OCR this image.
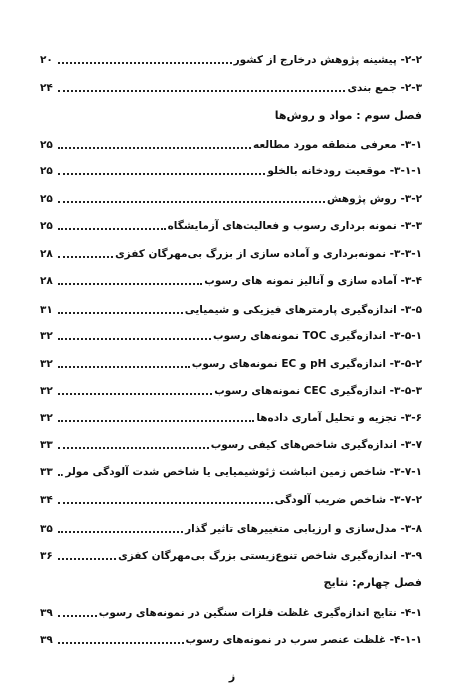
۲-۲- پیشینه پژوهش درخارج از کشور
۲۰
۲-۳- جمع بندی
۲۴
فصل سوم : مواد و روش‌ها
۳-۱- معرفی منطقه مورد مطالعه
۲۵
۳-۱-۱- موقعیت رودخانه بالخلو
۲۵
۳-۲- روش پژوهش
۲۵
۳-۳- نمونه برداری رسوب و فعالیت‌های آزمایشگاه
۲۵
۳-۳-۱- نمونه‌برداری و آماده سازی از بزرگ بی‌مهرگان کفزی
۲۸
۳-۴- آماده سازی و آنالیز نمونه های رسوب
۲۸
۳-۵- اندازه‌گیری پارمترهای فیزیکی و شیمیایی
۳۱
۳-۵-۱- اندازه‌گیری TOC نمونه‌های رسوب
۳۲
۳-۵-۲- اندازه‌گیری pH و EC نمونه‌های رسوب
۳۲
۳-۵-۳- اندازه‌گیری CEC نمونه‌های رسوب
۳۲
۳-۶- تجزیه و تحلیل آماری داده‌ها
۳۲
۳-۷- اندازه‌گیری شاخص‌های کیفی رسوب
۳۳
۳-۷-۱- شاخص زمین انباشت ژئوشیمیایی یا شاخص شدت آلودگی مولر
۳۳
۳-۷-۲- شاخص ضریب آلودگی
۳۴
۳-۸- مدل‌سازی و ارزیابی متغییرهای تاثیر گذار
۳۵
۳-۹- اندازه‌گیری شاخص تنوع‌زیستی بزرگ بی‌مهرگان کفزی
۳۶
فصل چهارم: نتایج
۴-۱- نتایج اندازه‌گیری غلظت فلزات سنگین در نمونه‌های رسوب
۳۹
۴-۱-۱- غلظت عنصر سرب در نمونه‌های رسوب
۳۹
ز
